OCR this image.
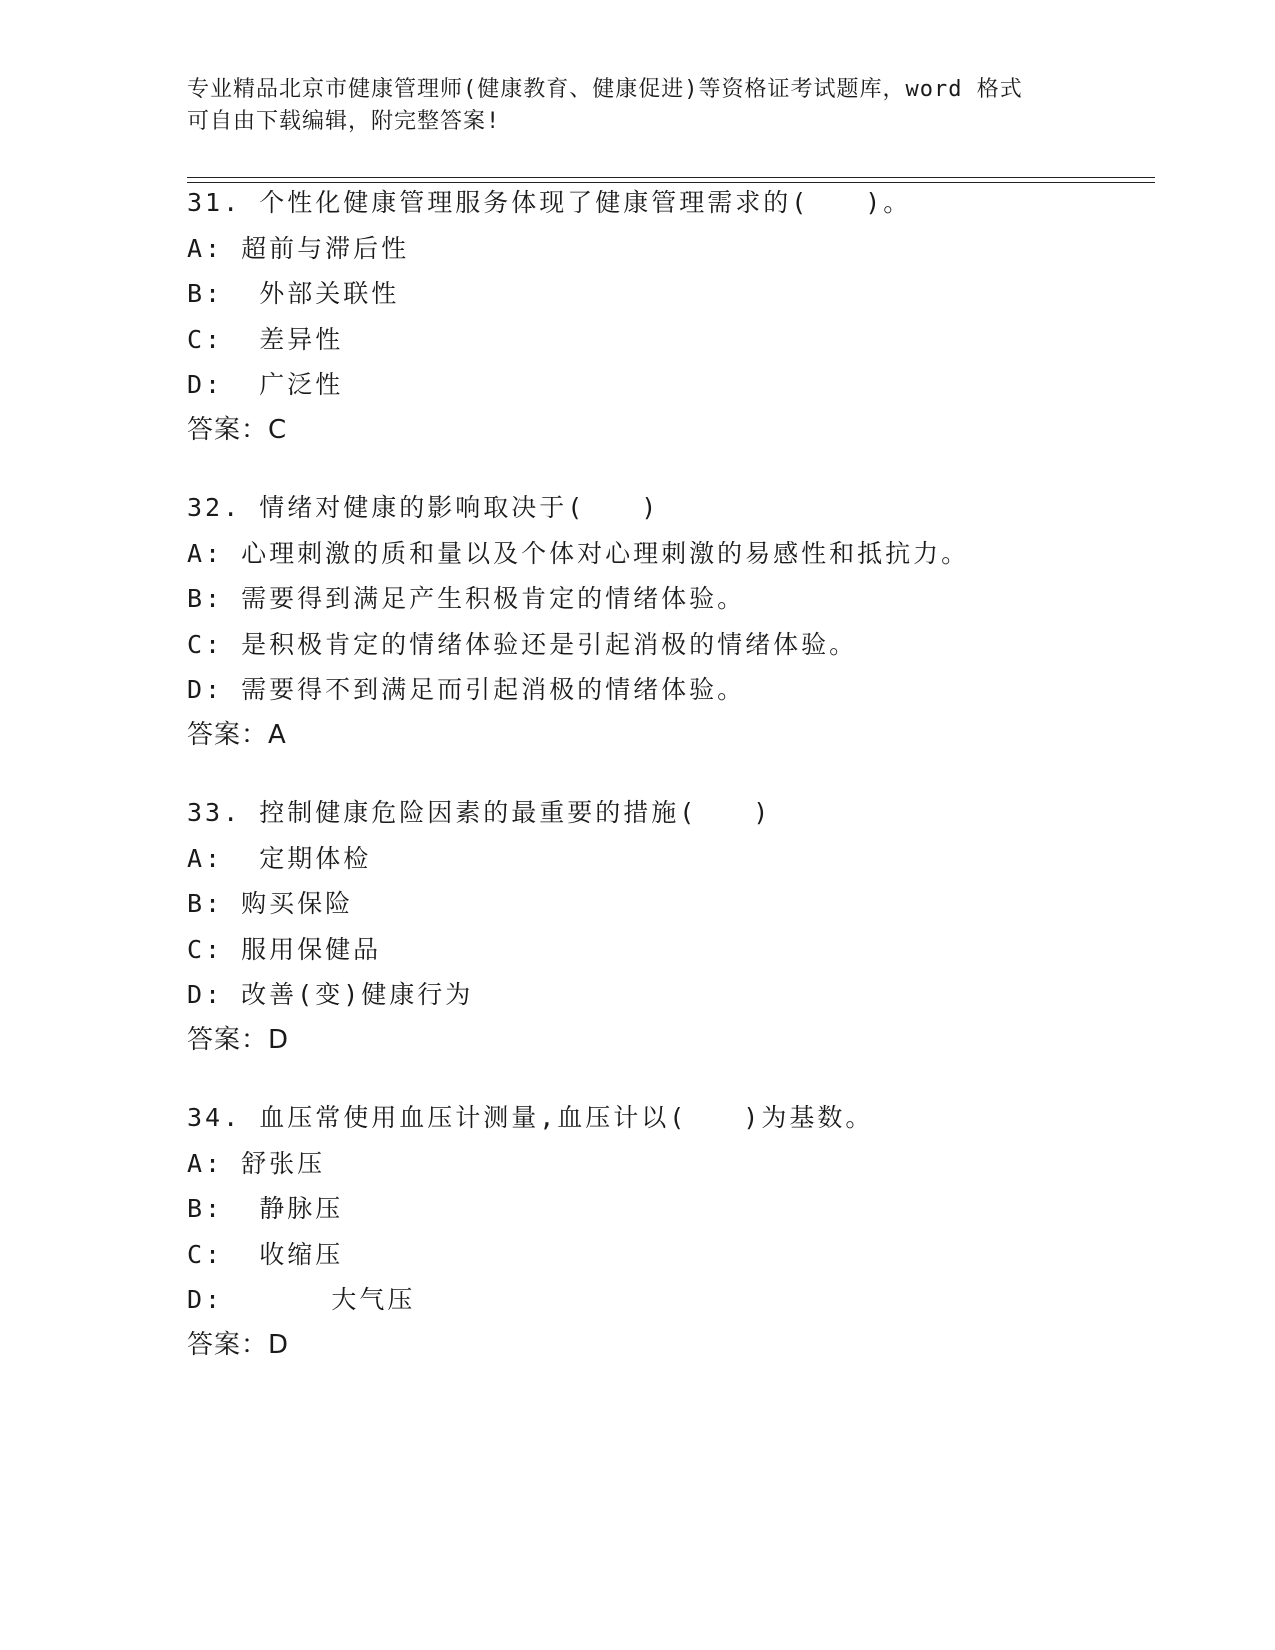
专业精品北京市健康管理师(健康教育、健康促进)等资格证考试题库，word 格式
可自由下载编辑，附完整答案!
31. 个性化健康管理服务体现了健康管理需求的(　　)。
A: 超前与滞后性
B:  外部关联性
C:  差异性
D:  广泛性
答案：C
32. 情绪对健康的影响取决于(　　)
A: 心理刺激的质和量以及个体对心理刺激的易感性和抵抗力。
B: 需要得到满足产生积极肯定的情绪体验。
C: 是积极肯定的情绪体验还是引起消极的情绪体验。
D: 需要得不到满足而引起消极的情绪体验。
答案：A
33. 控制健康危险因素的最重要的措施(　　)
A:  定期体检
B: 购买保险
C: 服用保健品
D: 改善(变)健康行为
答案：D
34. 血压常使用血压计测量,血压计以(　　)为基数。
A: 舒张压
B:  静脉压
C:  收缩压
D:      大气压
答案：D
